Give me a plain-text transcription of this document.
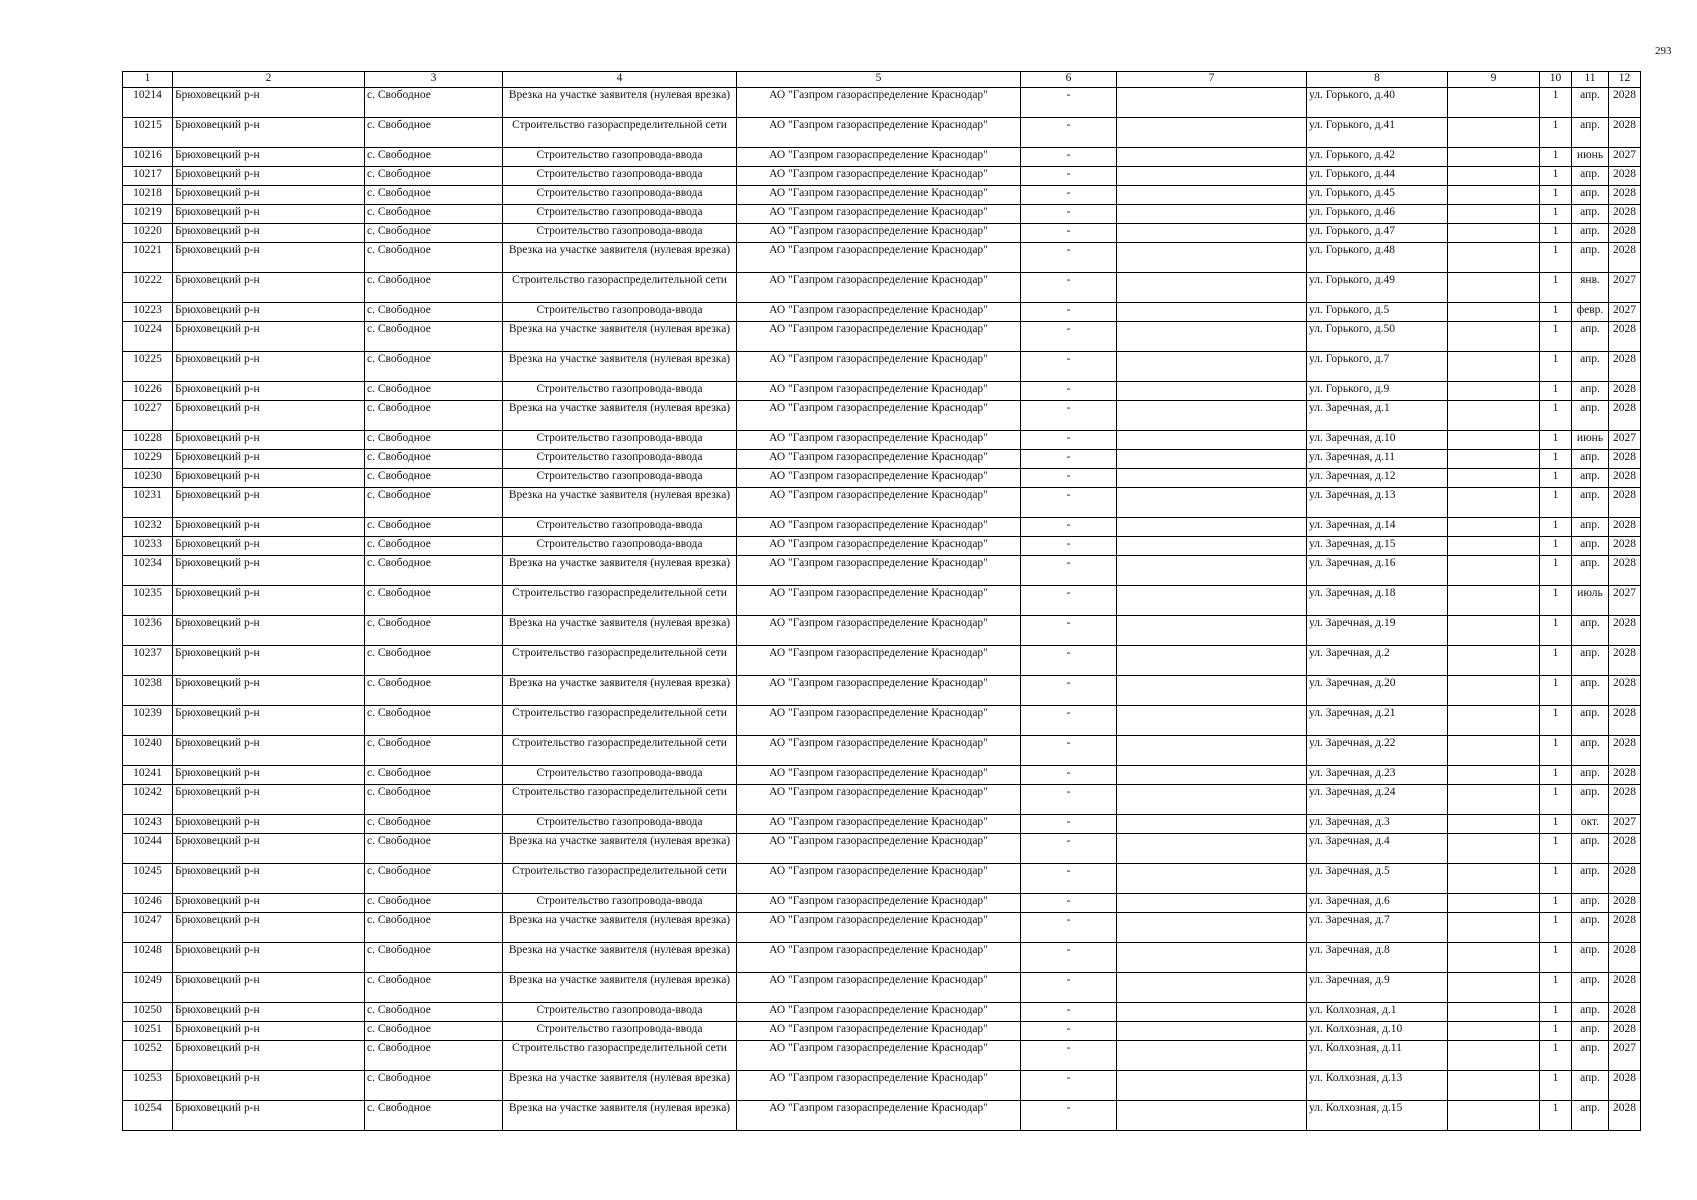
293
1	2	3	4	5	6	7	8	9	10	11	12
10214	Брюховецкий р-н	с. Свободное	Врезка на участке заявителя (нулевая врезка)	АО "Газпром газораспределение Краснодар"	-		ул. Горького, д.40		1	апр.	2028
10215	Брюховецкий р-н	с. Свободное	Строительство газораспределительной сети	АО "Газпром газораспределение Краснодар"	-		ул. Горького, д.41		1	апр.	2028
10216	Брюховецкий р-н	с. Свободное	Строительство газопровода-ввода	АО "Газпром газораспределение Краснодар"	-		ул. Горького, д.42		1	июнь	2027
10217	Брюховецкий р-н	с. Свободное	Строительство газопровода-ввода	АО "Газпром газораспределение Краснодар"	-		ул. Горького, д.44		1	апр.	2028
10218	Брюховецкий р-н	с. Свободное	Строительство газопровода-ввода	АО "Газпром газораспределение Краснодар"	-		ул. Горького, д.45		1	апр.	2028
10219	Брюховецкий р-н	с. Свободное	Строительство газопровода-ввода	АО "Газпром газораспределение Краснодар"	-		ул. Горького, д.46		1	апр.	2028
10220	Брюховецкий р-н	с. Свободное	Строительство газопровода-ввода	АО "Газпром газораспределение Краснодар"	-		ул. Горького, д.47		1	апр.	2028
10221	Брюховецкий р-н	с. Свободное	Врезка на участке заявителя (нулевая врезка)	АО "Газпром газораспределение Краснодар"	-		ул. Горького, д.48		1	апр.	2028
10222	Брюховецкий р-н	с. Свободное	Строительство газораспределительной сети	АО "Газпром газораспределение Краснодар"	-		ул. Горького, д.49		1	янв.	2027
10223	Брюховецкий р-н	с. Свободное	Строительство газопровода-ввода	АО "Газпром газораспределение Краснодар"	-		ул. Горького, д.5		1	февр.	2027
10224	Брюховецкий р-н	с. Свободное	Врезка на участке заявителя (нулевая врезка)	АО "Газпром газораспределение Краснодар"	-		ул. Горького, д.50		1	апр.	2028
10225	Брюховецкий р-н	с. Свободное	Врезка на участке заявителя (нулевая врезка)	АО "Газпром газораспределение Краснодар"	-		ул. Горького, д.7		1	апр.	2028
10226	Брюховецкий р-н	с. Свободное	Строительство газопровода-ввода	АО "Газпром газораспределение Краснодар"	-		ул. Горького, д.9		1	апр.	2028
10227	Брюховецкий р-н	с. Свободное	Врезка на участке заявителя (нулевая врезка)	АО "Газпром газораспределение Краснодар"	-		ул. Заречная, д.1		1	апр.	2028
10228	Брюховецкий р-н	с. Свободное	Строительство газопровода-ввода	АО "Газпром газораспределение Краснодар"	-		ул. Заречная, д.10		1	июнь	2027
10229	Брюховецкий р-н	с. Свободное	Строительство газопровода-ввода	АО "Газпром газораспределение Краснодар"	-		ул. Заречная, д.11		1	апр.	2028
10230	Брюховецкий р-н	с. Свободное	Строительство газопровода-ввода	АО "Газпром газораспределение Краснодар"	-		ул. Заречная, д.12		1	апр.	2028
10231	Брюховецкий р-н	с. Свободное	Врезка на участке заявителя (нулевая врезка)	АО "Газпром газораспределение Краснодар"	-		ул. Заречная, д.13		1	апр.	2028
10232	Брюховецкий р-н	с. Свободное	Строительство газопровода-ввода	АО "Газпром газораспределение Краснодар"	-		ул. Заречная, д.14		1	апр.	2028
10233	Брюховецкий р-н	с. Свободное	Строительство газопровода-ввода	АО "Газпром газораспределение Краснодар"	-		ул. Заречная, д.15		1	апр.	2028
10234	Брюховецкий р-н	с. Свободное	Врезка на участке заявителя (нулевая врезка)	АО "Газпром газораспределение Краснодар"	-		ул. Заречная, д.16		1	апр.	2028
10235	Брюховецкий р-н	с. Свободное	Строительство газораспределительной сети	АО "Газпром газораспределение Краснодар"	-		ул. Заречная, д.18		1	июль	2027
10236	Брюховецкий р-н	с. Свободное	Врезка на участке заявителя (нулевая врезка)	АО "Газпром газораспределение Краснодар"	-		ул. Заречная, д.19		1	апр.	2028
10237	Брюховецкий р-н	с. Свободное	Строительство газораспределительной сети	АО "Газпром газораспределение Краснодар"	-		ул. Заречная, д.2		1	апр.	2028
10238	Брюховецкий р-н	с. Свободное	Врезка на участке заявителя (нулевая врезка)	АО "Газпром газораспределение Краснодар"	-		ул. Заречная, д.20		1	апр.	2028
10239	Брюховецкий р-н	с. Свободное	Строительство газораспределительной сети	АО "Газпром газораспределение Краснодар"	-		ул. Заречная, д.21		1	апр.	2028
10240	Брюховецкий р-н	с. Свободное	Строительство газораспределительной сети	АО "Газпром газораспределение Краснодар"	-		ул. Заречная, д.22		1	апр.	2028
10241	Брюховецкий р-н	с. Свободное	Строительство газопровода-ввода	АО "Газпром газораспределение Краснодар"	-		ул. Заречная, д.23		1	апр.	2028
10242	Брюховецкий р-н	с. Свободное	Строительство газораспределительной сети	АО "Газпром газораспределение Краснодар"	-		ул. Заречная, д.24		1	апр.	2028
10243	Брюховецкий р-н	с. Свободное	Строительство газопровода-ввода	АО "Газпром газораспределение Краснодар"	-		ул. Заречная, д.3		1	окт.	2027
10244	Брюховецкий р-н	с. Свободное	Врезка на участке заявителя (нулевая врезка)	АО "Газпром газораспределение Краснодар"	-		ул. Заречная, д.4		1	апр.	2028
10245	Брюховецкий р-н	с. Свободное	Строительство газораспределительной сети	АО "Газпром газораспределение Краснодар"	-		ул. Заречная, д.5		1	апр.	2028
10246	Брюховецкий р-н	с. Свободное	Строительство газопровода-ввода	АО "Газпром газораспределение Краснодар"	-		ул. Заречная, д.6		1	апр.	2028
10247	Брюховецкий р-н	с. Свободное	Врезка на участке заявителя (нулевая врезка)	АО "Газпром газораспределение Краснодар"	-		ул. Заречная, д.7		1	апр.	2028
10248	Брюховецкий р-н	с. Свободное	Врезка на участке заявителя (нулевая врезка)	АО "Газпром газораспределение Краснодар"	-		ул. Заречная, д.8		1	апр.	2028
10249	Брюховецкий р-н	с. Свободное	Врезка на участке заявителя (нулевая врезка)	АО "Газпром газораспределение Краснодар"	-		ул. Заречная, д.9		1	апр.	2028
10250	Брюховецкий р-н	с. Свободное	Строительство газопровода-ввода	АО "Газпром газораспределение Краснодар"	-		ул. Колхозная, д.1		1	апр.	2028
10251	Брюховецкий р-н	с. Свободное	Строительство газопровода-ввода	АО "Газпром газораспределение Краснодар"	-		ул. Колхозная, д.10		1	апр.	2028
10252	Брюховецкий р-н	с. Свободное	Строительство газораспределительной сети	АО "Газпром газораспределение Краснодар"	-		ул. Колхозная, д.11		1	апр.	2027
10253	Брюховецкий р-н	с. Свободное	Врезка на участке заявителя (нулевая врезка)	АО "Газпром газораспределение Краснодар"	-		ул. Колхозная, д.13		1	апр.	2028
10254	Брюховецкий р-н	с. Свободное	Врезка на участке заявителя (нулевая врезка)	АО "Газпром газораспределение Краснодар"	-		ул. Колхозная, д.15		1	апр.	2028
